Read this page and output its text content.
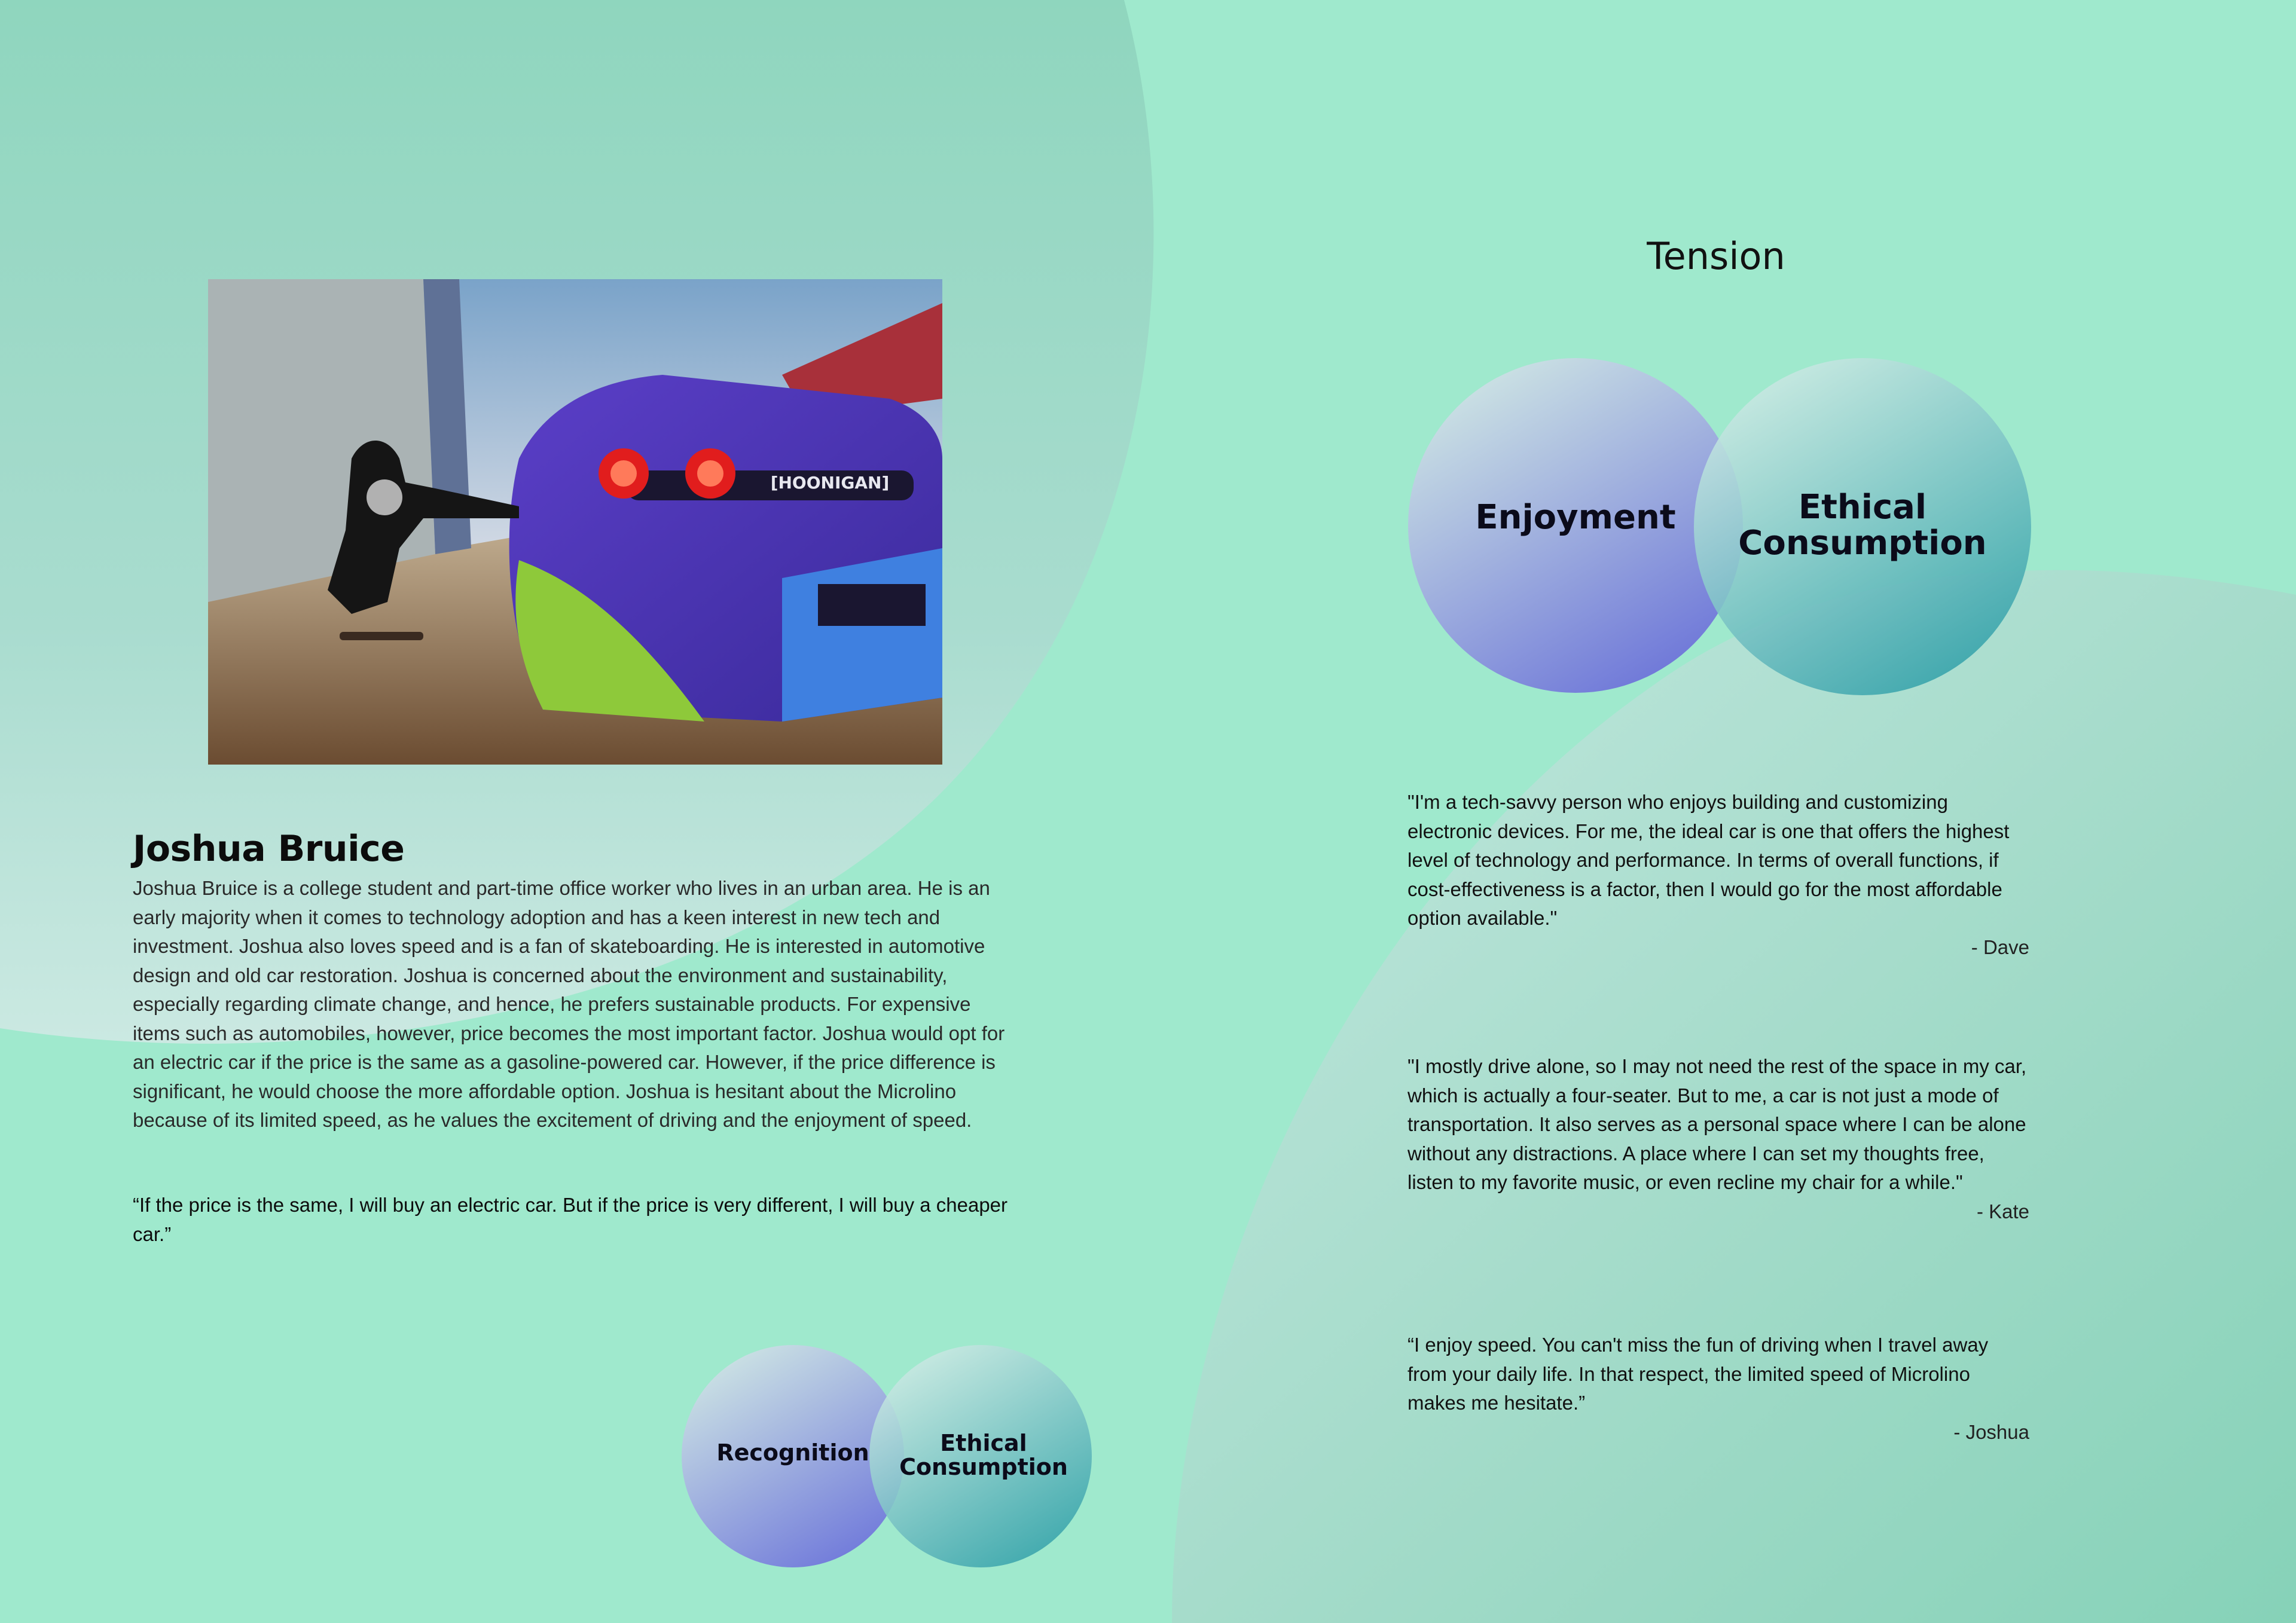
[HOONIGAN]
Joshua Bruice
Joshua Bruice is a college student and part-time office worker who lives in an urban area. He is an early majority when it comes to technology adoption and has a keen interest in new tech and investment. Joshua also loves speed and is a fan of skateboarding. He is interested in automotive design and old car restoration. Joshua is concerned about the environment and sustainability, especially regarding climate change, and hence, he prefers sustainable products. For expensive items such as automobiles, however, price becomes the most important factor. Joshua would opt for an electric car if the price is the same as a gasoline-powered car. However, if the price difference is significant, he would choose the more affordable option. Joshua is hesitant about the Microlino because of its limited speed, as he values the excitement of driving and the enjoyment of speed.
“If the price is the same, I will buy an electric car. But if the price is very different, I will buy a cheaper car.”
Recognition	Ethical
Consumption
Tension
Enjoyment	Ethical
Consumption

"I'm a tech-savvy person who enjoys building and customizing electronic devices. For me, the ideal car is one that offers the highest level of technology and performance. In terms of overall functions, if cost-effectiveness is a factor, then I would go for the most affordable option available."

- Dave

"I mostly drive alone, so I may not need the rest of the space in my car, which is actually a four-seater. But to me, a car is not just a mode of transportation. It also serves as a personal space where I can be alone without any distractions. A place where I can set my thoughts free, listen to my favorite music, or even recline my chair for a while."

- Kate

“I enjoy speed. You can't miss the fun of driving when I travel away from your daily life. In that respect, the limited speed of Microlino makes me hesitate.”

- Joshua
